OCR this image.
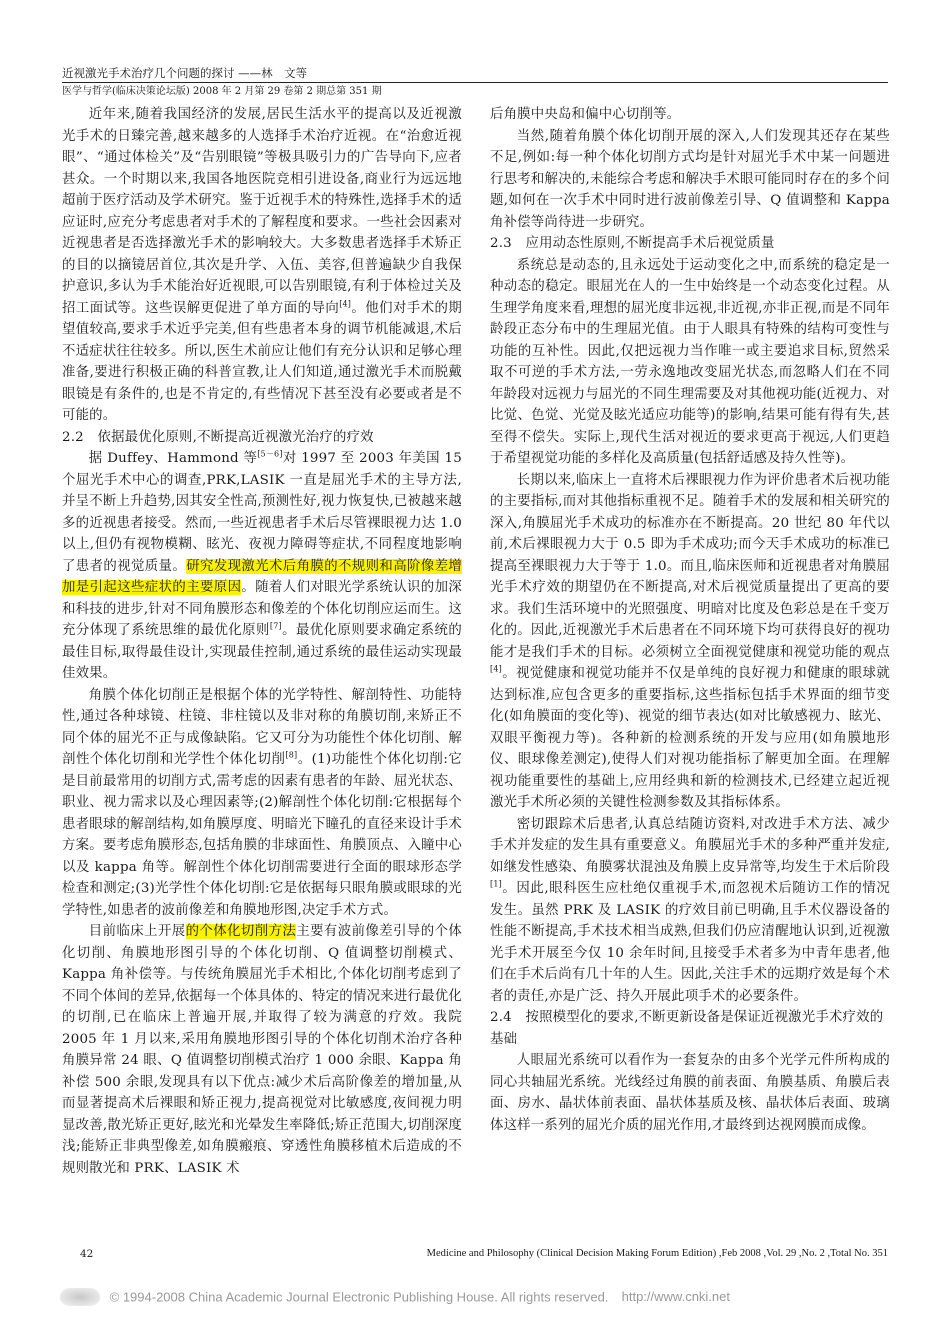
近视激光手术治疗几个问题的探讨 ——林　文等
医学与哲学(临床决策论坛版) 2008 年 2 月第 29 卷第 2 期总第 351 期

近年来,随着我国经济的发展,居民生活水平的提高以及近视激光手术的日臻完善,越来越多的人选择手术治疗近视。在“治愈近视眼”、“通过体检关”及“告别眼镜”等极具吸引力的广告导向下,应者甚众。一个时期以来,我国各地医院竞相引进设备,商业行为远远地超前于医疗活动及学术研究。鉴于近视手术的特殊性,选择手术的适应证时,应充分考虑患者对手术的了解程度和要求。一些社会因素对近视患者是否选择激光手术的影响较大。大多数患者选择手术矫正的目的以摘镜居首位,其次是升学、入伍、美容,但普遍缺少自我保护意识,多认为手术能治好近视眼,可以告别眼镜,有利于体检过关及招工面试等。这些误解更促进了单方面的导向[4]。他们对手术的期望值较高,要求手术近乎完美,但有些患者本身的调节机能减退,术后不适症状往往较多。所以,医生术前应让他们有充分认识和足够心理准备,要进行积极正确的科普宣教,让人们知道,通过激光手术而脱戴眼镜是有条件的,也是不肯定的,有些情况下甚至没有必要或者是不可能的。

2.2　依据最优化原则,不断提高近视激光治疗的疗效

据 Duffey、Hammond 等[5－6]对 1997 至 2003 年美国 15 个屈光手术中心的调查,PRK,LASIK 一直是屈光手术的主导方法,并呈不断上升趋势,因其安全性高,预测性好,视力恢复快,已被越来越多的近视患者接受。然而,一些近视患者手术后尽管裸眼视力达 1.0 以上,但仍有视物模糊、眩光、夜视力障碍等症状,不同程度地影响了患者的视觉质量。研究发现激光术后角膜的不规则和高阶像差增加是引起这些症状的主要原因。随着人们对眼光学系统认识的加深和科技的进步,针对不同角膜形态和像差的个体化切削应运而生。这充分体现了系统思维的最优化原则[7]。最优化原则要求确定系统的最佳目标,取得最佳设计,实现最佳控制,通过系统的最佳运动实现最佳效果。

角膜个体化切削正是根据个体的光学特性、解剖特性、功能特性,通过各种球镜、柱镜、非柱镜以及非对称的角膜切削,来矫正不同个体的屈光不正与成像缺陷。它又可分为功能性个体化切削、解剖性个体化切削和光学性个体化切削[8]。(1)功能性个体化切削:它是目前最常用的切削方式,需考虑的因素有患者的年龄、屈光状态、职业、视力需求以及心理因素等;(2)解剖性个体化切削:它根据每个患者眼球的解剖结构,如角膜厚度、明暗光下瞳孔的直径来设计手术方案。要考虑角膜形态,包括角膜的非球面性、角膜顶点、入瞳中心以及 kappa 角等。解剖性个体化切削需要进行全面的眼球形态学检查和测定;(3)光学性个体化切削:它是依据每只眼角膜或眼球的光学特性,如患者的波前像差和角膜地形图,决定手术方式。

目前临床上开展的个体化切削方法主要有波前像差引导的个体化切削、角膜地形图引导的个体化切削、Q 值调整切削模式、Kappa 角补偿等。与传统角膜屈光手术相比,个体化切削考虑到了不同个体间的差异,依据每一个体具体的、特定的情况来进行最优化的切削,已在临床上普遍开展,并取得了较为满意的疗效。我院 2005 年 1 月以来,采用角膜地形图引导的个体化切削术治疗各种角膜异常 24 眼、Q 值调整切削模式治疗 1 000 余眼、Kappa 角补偿 500 余眼,发现具有以下优点:减少术后高阶像差的增加量,从而显著提高术后裸眼和矫正视力,提高视觉对比敏感度,夜间视力明显改善,散光矫正更好,眩光和光晕发生率降低;矫正范围大,切削深度浅;能矫正非典型像差,如角膜瘢痕、穿透性角膜移植术后造成的不规则散光和 PRK、LASIK 术

后角膜中央岛和偏中心切削等。

当然,随着角膜个体化切削开展的深入,人们发现其还存在某些不足,例如:每一种个体化切削方式均是针对屈光手术中某一问题进行思考和解决的,未能综合考虑和解决手术眼可能同时存在的多个问题,如何在一次手术中同时进行波前像差引导、Q 值调整和 Kappa 角补偿等尚待进一步研究。

2.3　应用动态性原则,不断提高手术后视觉质量

系统总是动态的,且永远处于运动变化之中,而系统的稳定是一种动态的稳定。眼屈光在人的一生中始终是一个动态变化过程。从生理学角度来看,理想的屈光度非远视,非近视,亦非正视,而是不同年龄段正态分布中的生理屈光值。由于人眼具有特殊的结构可变性与功能的互补性。因此,仅把远视力当作唯一或主要追求目标,贸然采取不可逆的手术方法,一劳永逸地改变屈光状态,而忽略人们在不同年龄段对远视力与屈光的不同生理需要及对其他视功能(近视力、对比觉、色觉、光觉及眩光适应功能等)的影响,结果可能有得有失,甚至得不偿失。实际上,现代生活对视近的要求更高于视远,人们更趋于希望视觉功能的多样化及高质量(包括舒适感及持久性等)。

长期以来,临床上一直将术后裸眼视力作为评价患者术后视功能的主要指标,而对其他指标重视不足。随着手术的发展和相关研究的深入,角膜屈光手术成功的标准亦在不断提高。20 世纪 80 年代以前,术后裸眼视力大于 0.5 即为手术成功;而今天手术成功的标准已提高至裸眼视力大于等于 1.0。而且,临床医师和近视患者对角膜屈光手术疗效的期望仍在不断提高,对术后视觉质量提出了更高的要求。我们生活环境中的光照强度、明暗对比度及色彩总是在千变万化的。因此,近视激光手术后患者在不同环境下均可获得良好的视功能才是我们手术的目标。必须树立全面视觉健康和视觉功能的观点[4]。视觉健康和视觉功能并不仅是单纯的良好视力和健康的眼球就达到标准,应包含更多的重要指标,这些指标包括手术界面的细节变化(如角膜面的变化等)、视觉的细节表达(如对比敏感视力、眩光、双眼平衡视力等)。各种新的检测系统的开发与应用(如角膜地形仪、眼球像差测定),使得人们对视功能指标了解更加全面。在理解视功能重要性的基础上,应用经典和新的检测技术,已经建立起近视激光手术所必须的关键性检测参数及其指标体系。

密切跟踪术后患者,认真总结随访资料,对改进手术方法、减少手术并发症的发生具有重要意义。角膜屈光手术的多种严重并发症,如继发性感染、角膜雾状混浊及角膜上皮异常等,均发生于术后阶段[1]。因此,眼科医生应杜绝仅重视手术,而忽视术后随访工作的情况发生。虽然 PRK 及 LASIK 的疗效目前已明确,且手术仪器设备的性能不断提高,手术技术相当成熟,但我们仍应清醒地认识到,近视激光手术开展至今仅 10 余年时间,且接受手术者多为中青年患者,他们在手术后尚有几十年的人生。因此,关注手术的远期疗效是每个术者的责任,亦是广泛、持久开展此项手术的必要条件。

2.4　按照模型化的要求,不断更新设备是保证近视激光手术疗效的基础

人眼屈光系统可以看作为一套复杂的由多个光学元件所构成的同心共轴屈光系统。光线经过角膜的前表面、角膜基质、角膜后表面、房水、晶状体前表面、晶状体基质及核、晶状体后表面、玻璃体这样一系列的屈光介质的屈光作用,才最终到达视网膜而成像。

42	Medicine and Philosophy (Clinical Decision Making Forum Edition) ,Feb 2008 ,Vol. 29 ,No. 2 ,Total No. 351
© 1994-2008 China Academic Journal Electronic Publishing House. All rights reserved. http://www.cnki.net
